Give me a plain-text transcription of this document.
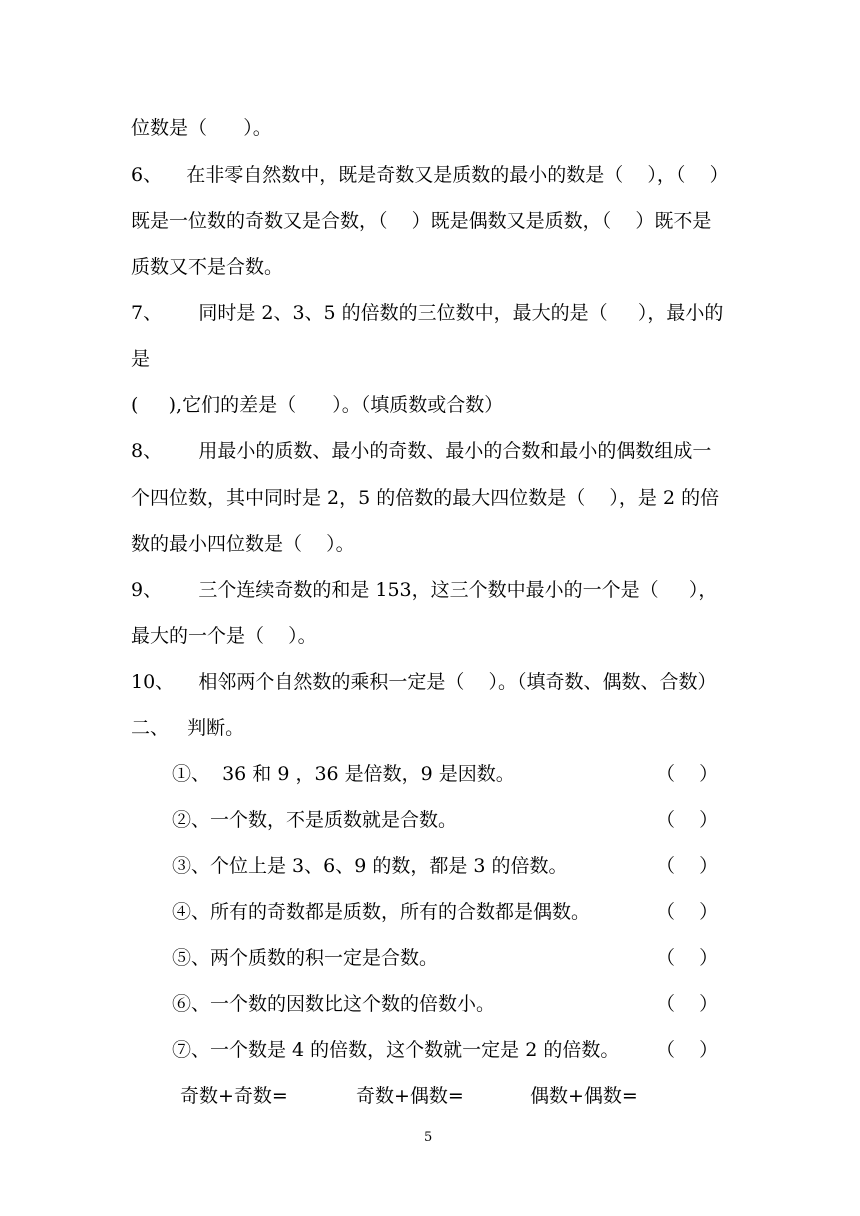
位数是（      ）。
6、    在非零自然数中，既是奇数又是质数的最小的数是（    ），（    ）
既是一位数的奇数又是合数，（    ）既是偶数又是质数，（    ）既不是
质数又不是合数。
7、      同时是 2、3、5 的倍数的三位数中，最大的是（     ），最小的
是
(     ),它们的差是（      ）。（填质数或合数）
8、      用最小的质数、最小的奇数、最小的合数和最小的偶数组成一
个四位数，其中同时是 2，5 的倍数的最大四位数是（    ），是 2 的倍
数的最小四位数是（    ）。
9、      三个连续奇数的和是 153，这三个数中最小的一个是（     ），
最大的一个是（    ）。
10、    相邻两个自然数的乘积一定是（    ）。（填奇数、偶数、合数）
二、   判断。
①、  36 和 9 ，36 是倍数，9 是因数。	（    ）
②、一个数，不是质数就是合数。	（    ）
③、个位上是 3、6、9 的数，都是 3 的倍数。	（    ）
④、所有的奇数都是质数，所有的合数都是偶数。	（    ）
⑤、两个质数的积一定是合数。	（    ）
⑥、一个数的因数比这个数的倍数小。	（    ）
⑦、一个数是 4 的倍数，这个数就一定是 2 的倍数。 （    ）
奇数+奇数=	奇数+偶数=	偶数+偶数=
5
